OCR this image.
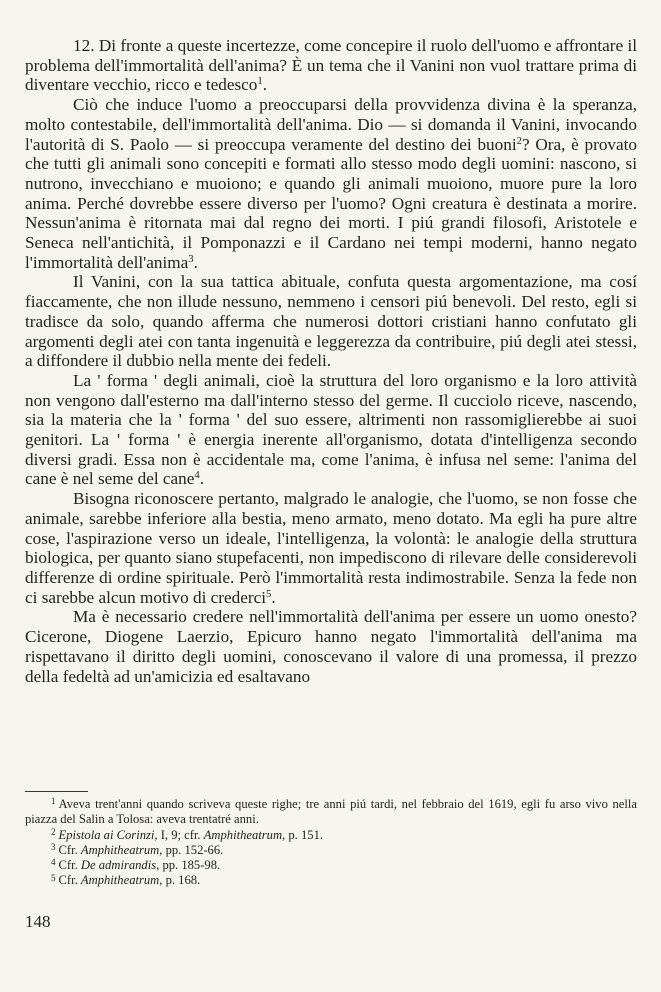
12. Di fronte a queste incertezze, come concepire il ruolo dell'uomo e affrontare il problema dell'immortalità dell'anima? È un tema che il Vanini non vuol trattare prima di diventare vecchio, ricco e tedesco$^1$.

Ciò che induce l'uomo a preoccuparsi della provvidenza divina è la speranza, molto contestabile, dell'immortalità dell'anima. Dio — si domanda il Vanini, invocando l'autorità di S. Paolo — si preoccupa veramente del destino dei buoni$^2$? Ora, è provato che tutti gli animali sono concepiti e formati allo stesso modo degli uomini: nascono, si nutrono, invecchiano e muoiono; e quando gli animali muoiono, muore pure la loro anima. Perché dovrebbe essere diverso per l'uomo? Ogni creatura è destinata a morire. Nessun'anima è ritornata mai dal regno dei morti. I piú grandi filosofi, Aristotele e Seneca nell'antichità, il Pomponazzi e il Cardano nei tempi moderni, hanno negato l'immortalità dell'anima$^3$.

Il Vanini, con la sua tattica abituale, confuta questa argomentazione, ma cosí fiaccamente, che non illude nessuno, nemmeno i censori piú benevoli. Del resto, egli si tradisce da solo, quando afferma che numerosi dottori cristiani hanno confutato gli argomenti degli atei con tanta ingenuità e leggerezza da contribuire, piú degli atei stessi, a diffondere il dubbio nella mente dei fedeli.

La ' forma ' degli animali, cioè la struttura del loro organismo e la loro attività non vengono dall'esterno ma dall'interno stesso del germe. Il cucciolo riceve, nascendo, sia la materia che la ' forma ' del suo essere, altrimenti non rassomiglierebbe ai suoi genitori. La ' forma ' è energia inerente all'organismo, dotata d'intelligenza secondo diversi gradi. Essa non è accidentale ma, come l'anima, è infusa nel seme: l'anima del cane è nel seme del cane$^4$.

Bisogna riconoscere pertanto, malgrado le analogie, che l'uomo, se non fosse che animale, sarebbe inferiore alla bestia, meno armato, meno dotato. Ma egli ha pure altre cose, l'aspirazione verso un ideale, l'intelligenza, la volontà: le analogie della struttura biologica, per quanto siano stupefacenti, non impediscono di rilevare delle considerevoli differenze di ordine spirituale. Però l'immortalità resta indimostrabile. Senza la fede non ci sarebbe alcun motivo di crederci$^5$.

Ma è necessario credere nell'immortalità dell'anima per essere un uomo onesto? Cicerone, Diogene Laerzio, Epicuro hanno negato l'immortalità dell'anima ma rispettavano il diritto degli uomini, conoscevano il valore di una promessa, il prezzo della fedeltà ad un'amicizia ed esaltavano

$^1$ Aveva trent'anni quando scriveva queste righe; tre anni piú tardi, nel febbraio del 1619, egli fu arso vivo nella piazza del Salin a Tolosa: aveva trentatré anni.

$^2$ Epistola ai Corinzi, I, 9; cfr. Amphitheatrum, p. 151.

$^3$ Cfr. Amphitheatrum, pp. 152-66.

$^4$ Cfr. De admirandis, pp. 185-98.

$^5$ Cfr. Amphitheatrum, p. 168.

148
